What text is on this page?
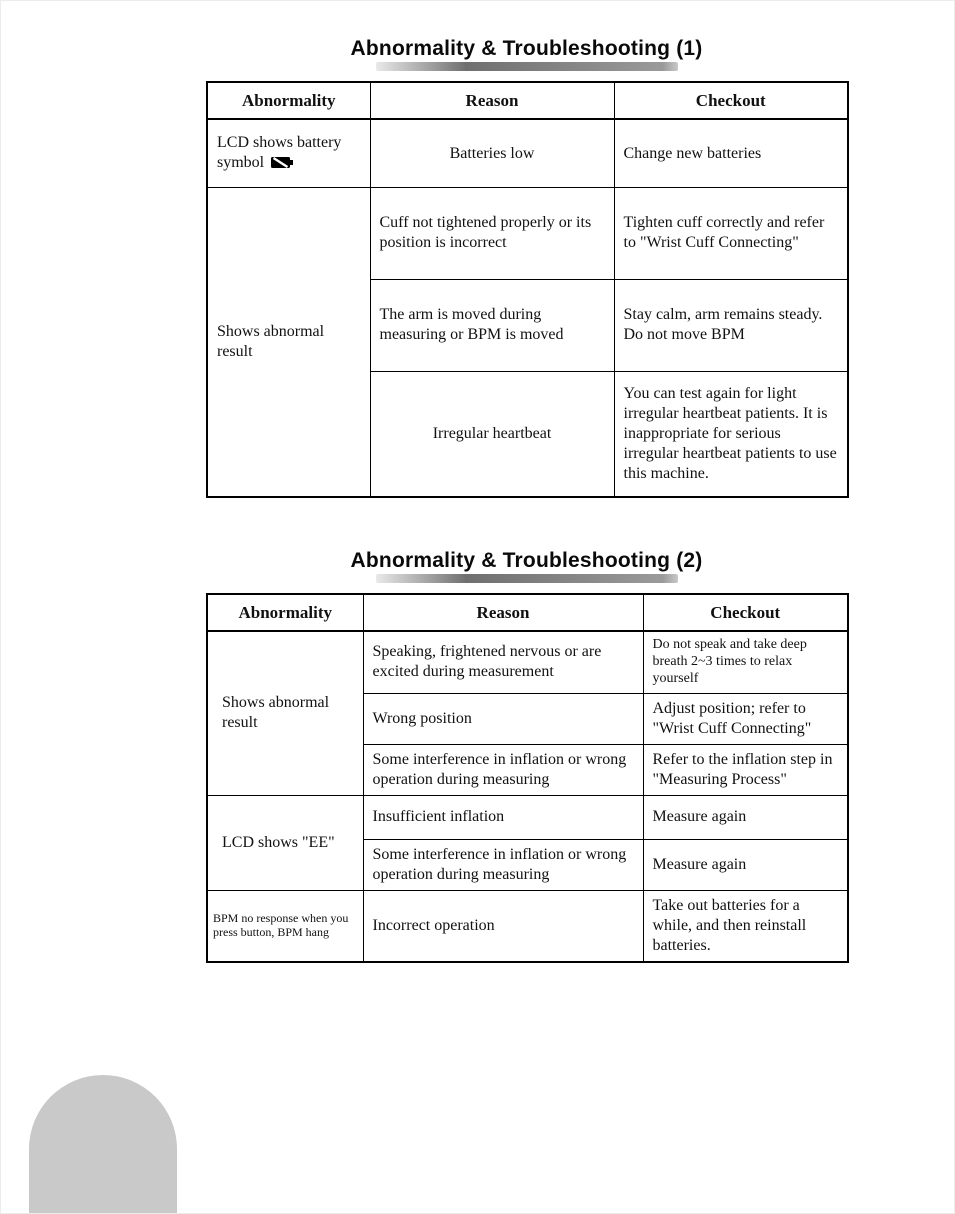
Abnormality & Troubleshooting (1)
Abnormality	Reason	Checkout
LCD shows battery symbol	Batteries low	Change new batteries
Shows abnormal result	Cuff not tightened properly or its position is incorrect	Tighten cuff correctly and refer to "Wrist Cuff Connecting"
	The arm is moved during measuring or BPM is moved	Stay calm, arm remains steady. Do not move BPM
	Irregular heartbeat	You can test again for light irregular heartbeat patients. It is inappropriate for serious irregular heartbeat patients to use this machine.
Abnormality & Troubleshooting (2)
Abnormality	Reason	Checkout
Shows abnormal result	Speaking, frightened nervous or are excited during measurement	Do not speak and take deep breath 2~3 times to relax yourself
	Wrong position	Adjust position; refer to "Wrist Cuff Connecting"
	Some interference in inflation or wrong operation during measuring	Refer to the inflation step in "Measuring Process"
LCD shows "EE"	Insufficient inflation	Measure again
	Some interference in inflation or wrong operation during measuring	Measure again
BPM no response when you press button, BPM hang	Incorrect operation	Take out batteries for a while, and then reinstall batteries.
